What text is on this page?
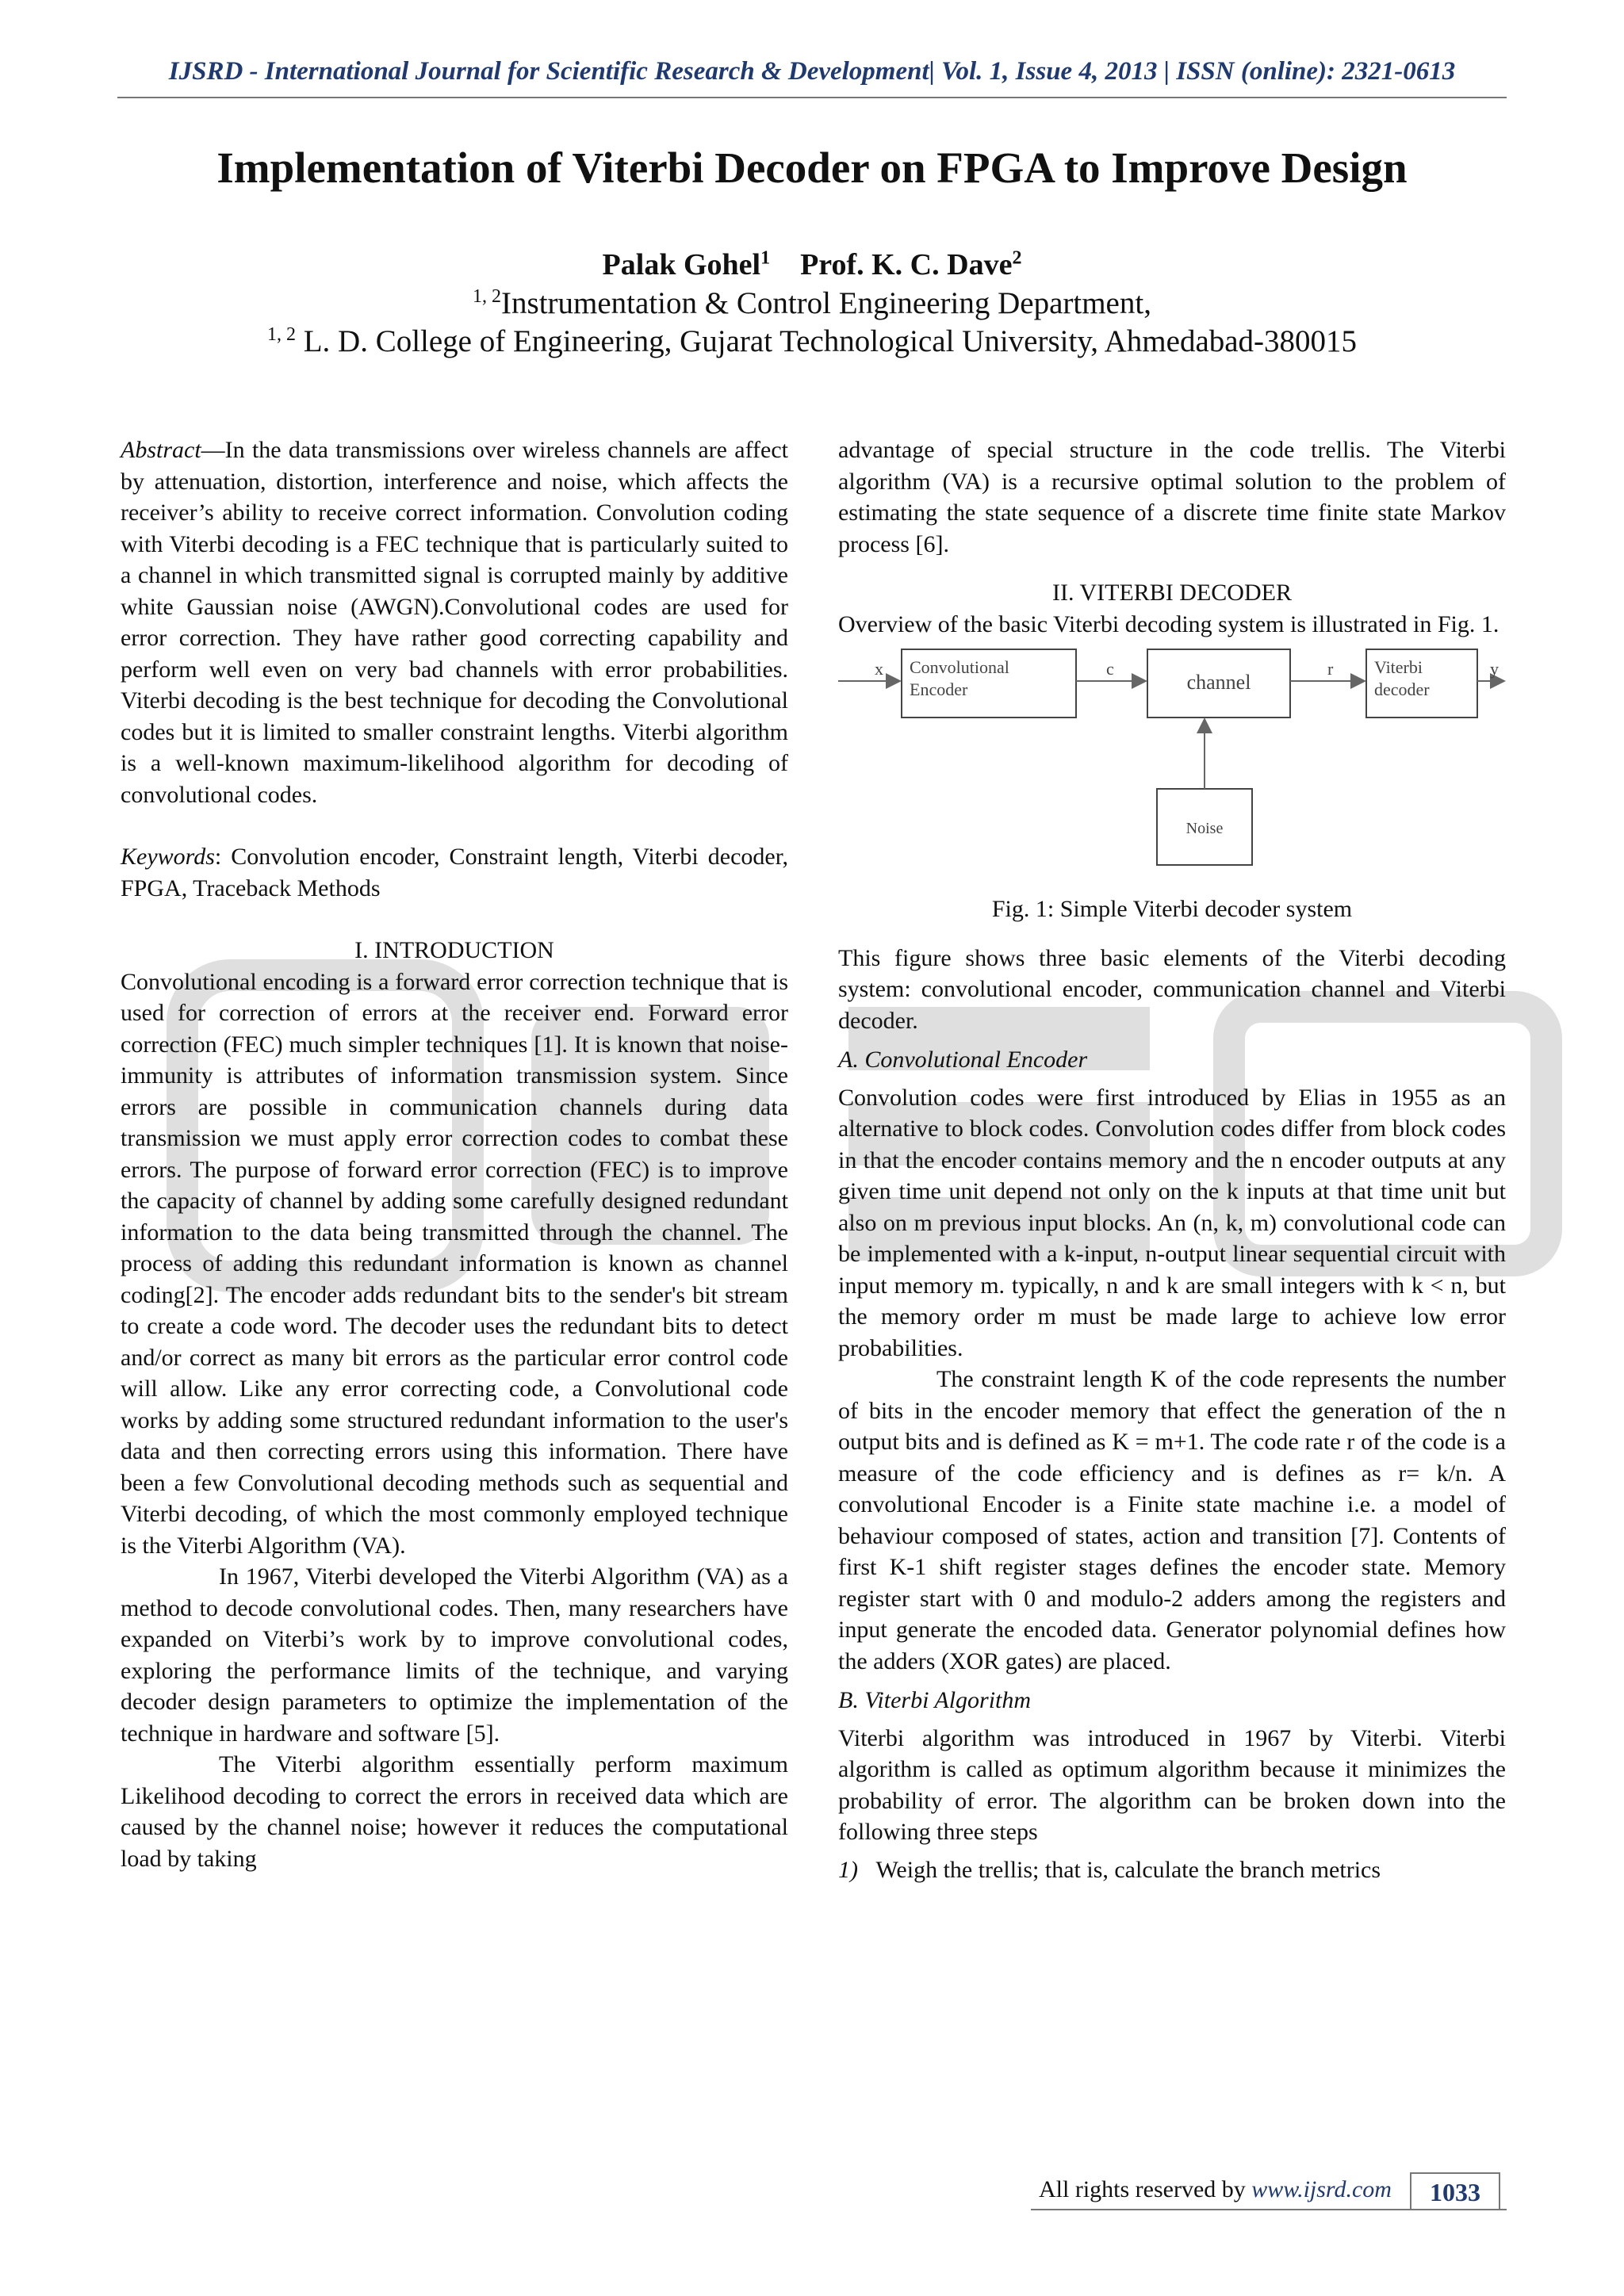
IJSRD - International Journal for Scientific Research & Development| Vol. 1, Issue 4, 2013 | ISSN (online): 2321-0613
Implementation of Viterbi Decoder on FPGA to Improve Design
Palak Gohel$^1$ Prof. K. C. Dave$^2$
$^{1, 2}$Instrumentation & Control Engineering Department,
$^{1, 2}$ L. D. College of Engineering, Gujarat Technological University, Ahmedabad-380015

Abstract—In the data transmissions over wireless channels are affect by attenuation, distortion, interference and noise, which affects the receiver’s ability to receive correct information. Convolution coding with Viterbi decoding is a FEC technique that is particularly suited to a channel in which transmitted signal is corrupted mainly by additive white Gaussian noise (AWGN).Convolutional codes are used for error correction. They have rather good correcting capability and perform well even on very bad channels with error probabilities. Viterbi decoding is the best technique for decoding the Convolutional codes but it is limited to smaller constraint lengths. Viterbi algorithm is a well-known maximum-likelihood algorithm for decoding of convolutional codes.

Keywords: Convolution encoder, Constraint length, Viterbi decoder, FPGA, Traceback Methods

I. INTRODUCTION

Convolutional encoding is a forward error correction technique that is used for correction of errors at the receiver end. Forward error correction (FEC) much simpler techniques [1]. It is known that noise-immunity is attributes of information transmission system. Since errors are possible in communication channels during data transmission we must apply error correction codes to combat these errors. The purpose of forward error correction (FEC) is to improve the capacity of channel by adding some carefully designed redundant information to the data being transmitted through the channel. The process of adding this redundant information is known as channel coding[2]. The encoder adds redundant bits to the sender's bit stream to create a code word. The decoder uses the redundant bits to detect and/or correct as many bit errors as the particular error control code will allow. Like any error correcting code, a Convolutional code works by adding some structured redundant information to the user's data and then correcting errors using this information. There have been a few Convolutional decoding methods such as sequential and Viterbi decoding, of which the most commonly employed technique is the Viterbi Algorithm (VA).

In 1967, Viterbi developed the Viterbi Algorithm (VA) as a method to decode convolutional codes. Then, many researchers have expanded on Viterbi’s work by to improve convolutional codes, exploring the performance limits of the technique, and varying decoder design parameters to optimize the implementation of the technique in hardware and software [5].

The Viterbi algorithm essentially perform maximum Likelihood decoding to correct the errors in received data which are caused by the channel noise; however it reduces the computational load by taking

advantage of special structure in the code trellis. The Viterbi algorithm (VA) is a recursive optimal solution to the problem of estimating the state sequence of a discrete time finite state Markov process [6].

II. VITERBI DECODER

Overview of the basic Viterbi decoding system is illustrated in Fig. 1.

x Convolutional
Encoder
c
channel
r Viterbi
decoder
y
Noise

Fig. 1: Simple Viterbi decoder system

This figure shows three basic elements of the Viterbi decoding system: convolutional encoder, communication channel and Viterbi decoder.

A. Convolutional Encoder

Convolution codes were first introduced by Elias in 1955 as an alternative to block codes. Convolution codes differ from block codes in that the encoder contains memory and the n encoder outputs at any given time unit depend not only on the k inputs at that time unit but also on m previous input blocks. An (n, k, m) convolutional code can be implemented with a k-input, n-output linear sequential circuit with input memory m. typically, n and k are small integers with k < n, but the memory order m must be made large to achieve low error probabilities.

The constraint length K of the code represents the number of bits in the encoder memory that effect the generation of the n output bits and is defined as K = m+1. The code rate r of the code is a measure of the code efficiency and is defines as r= k/n. A convolutional Encoder is a Finite state machine i.e. a model of behaviour composed of states, action and transition [7]. Contents of first K-1 shift register stages defines the encoder state. Memory register start with 0 and modulo-2 adders among the registers and input generate the encoded data. Generator polynomial defines how the adders (XOR gates) are placed.

B. Viterbi Algorithm

Viterbi algorithm was introduced in 1967 by Viterbi. Viterbi algorithm is called as optimum algorithm because it minimizes the probability of error. The algorithm can be broken down into the following three steps

1) Weigh the trellis; that is, calculate the branch metrics

All rights reserved by www.ijsrd.com	1033
